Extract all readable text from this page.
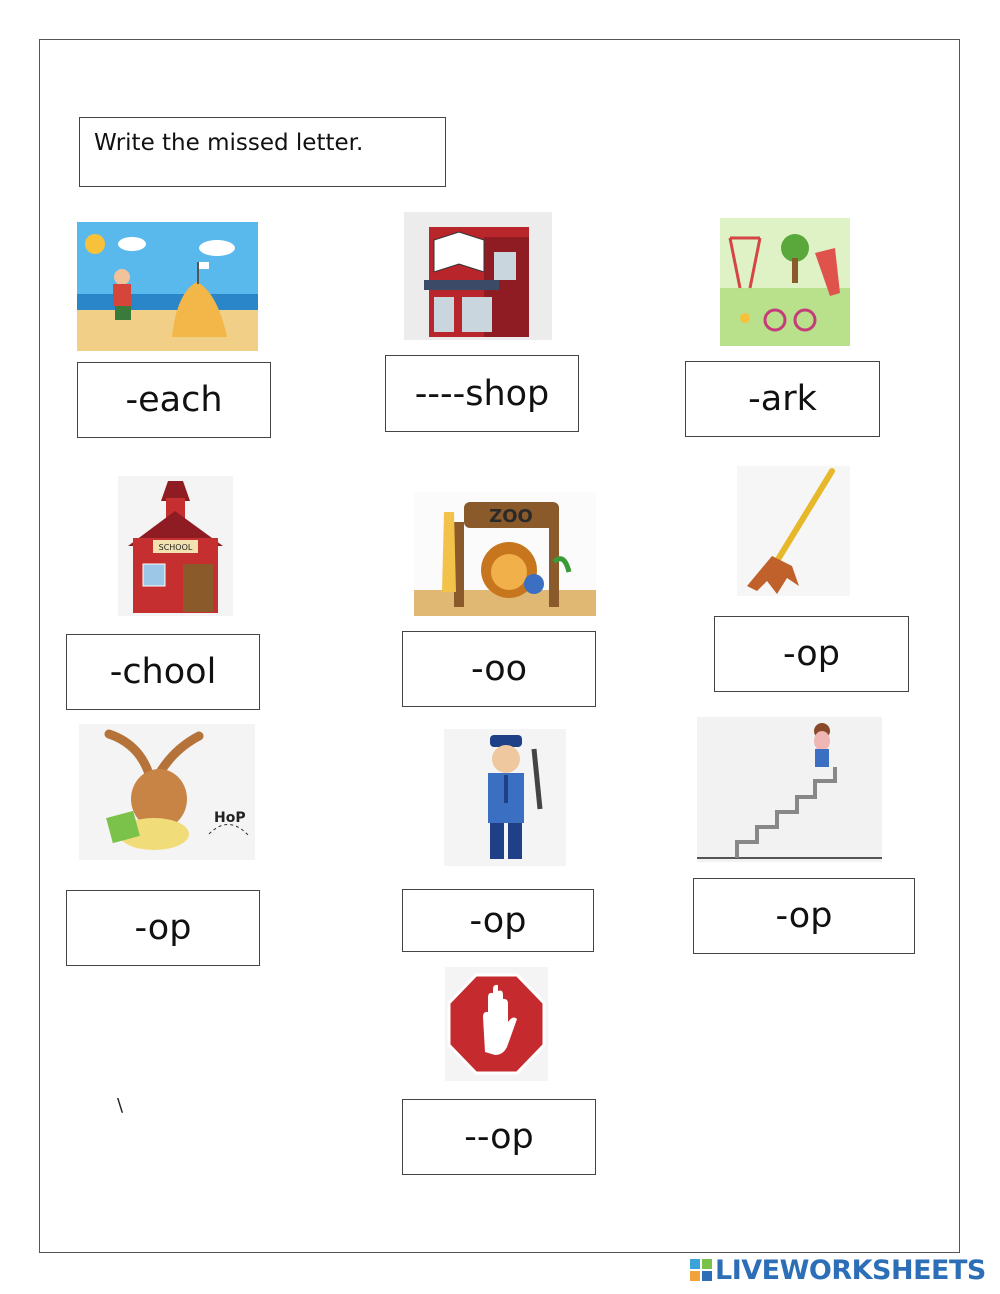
Write the missed letter.
-each	----shop	-ark
SCHOOL
ZOO
-chool	-oo	-op
HoP
-op	-op	-op
\
--op
LIVEWORKSHEETS
